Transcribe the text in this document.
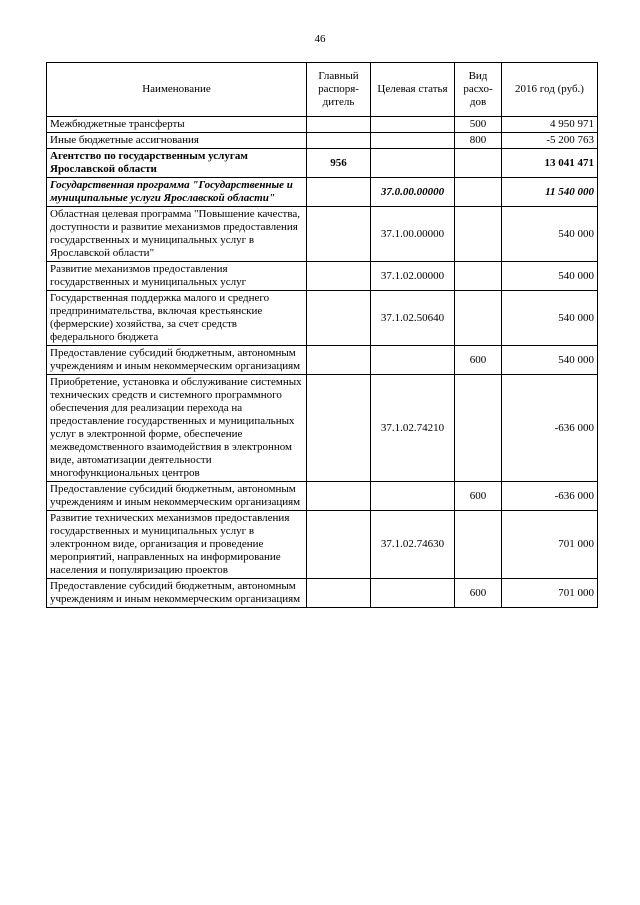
46
Наименование	Главный распоря-дитель	Целевая статья	Вид расхо-дов	2016 год (руб.)
Межбюджетные трансферты			500	4 950 971
Иные бюджетные ассигнования			800	-5 200 763
Агентство по государственным услугам Ярославской области	956			13 041 471
Государственная программа "Государственные и муниципальные услуги Ярославской области"		37.0.00.00000		11 540 000
Областная целевая программа "Повышение качества, доступности и развитие механизмов предоставления государственных и муниципальных услуг в Ярославской области"		37.1.00.00000		540 000
Развитие механизмов предоставления государственных и муниципальных услуг		37.1.02.00000		540 000
Государственная поддержка малого и среднего предпринимательства, включая крестьянские (фермерские) хозяйства, за счет средств федерального бюджета		37.1.02.50640		540 000
Предоставление субсидий бюджетным, автономным учреждениям и иным некоммерческим организациям			600	540 000
Приобретение, установка и обслуживание системных технических средств и системного программного обеспечения для реализации перехода на предоставление государственных и муниципальных услуг в электронной форме, обеспечение межведомственного взаимодействия в электронном виде, автоматизации деятельности многофункциональных центров		37.1.02.74210		-636 000
Предоставление субсидий бюджетным, автономным учреждениям и иным некоммерческим организациям			600	-636 000
Развитие технических механизмов предоставления государственных и муниципальных услуг в электронном виде, организация и проведение мероприятий, направленных на информирование населения и популяризацию проектов		37.1.02.74630		701 000
Предоставление субсидий бюджетным, автономным учреждениям и иным некоммерческим организациям			600	701 000
